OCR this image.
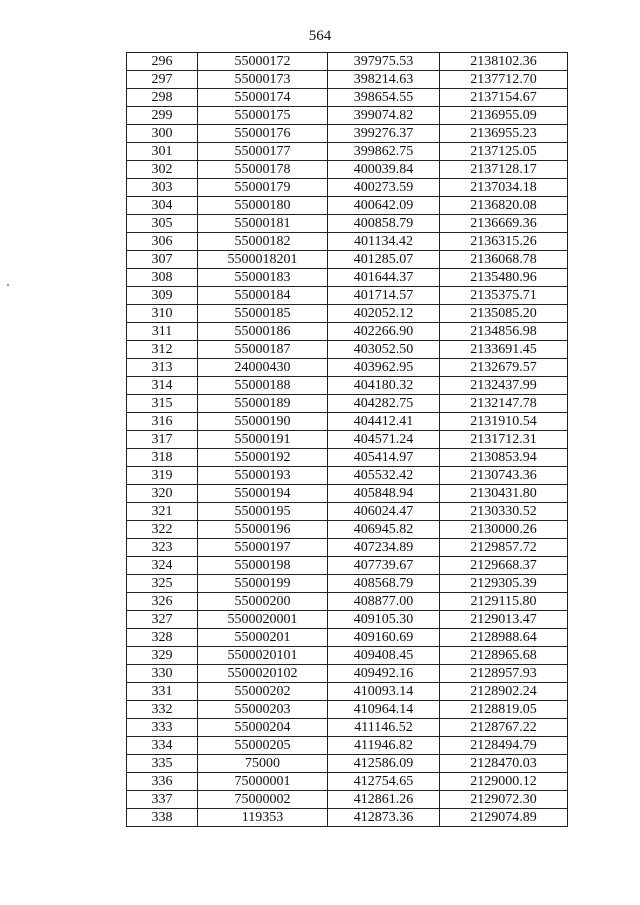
564
296	55000172	397975.53	2138102.36
297	55000173	398214.63	2137712.70
298	55000174	398654.55	2137154.67
299	55000175	399074.82	2136955.09
300	55000176	399276.37	2136955.23
301	55000177	399862.75	2137125.05
302	55000178	400039.84	2137128.17
303	55000179	400273.59	2137034.18
304	55000180	400642.09	2136820.08
305	55000181	400858.79	2136669.36
306	55000182	401134.42	2136315.26
307	5500018201	401285.07	2136068.78
308	55000183	401644.37	2135480.96
309	55000184	401714.57	2135375.71
310	55000185	402052.12	2135085.20
311	55000186	402266.90	2134856.98
312	55000187	403052.50	2133691.45
313	24000430	403962.95	2132679.57
314	55000188	404180.32	2132437.99
315	55000189	404282.75	2132147.78
316	55000190	404412.41	2131910.54
317	55000191	404571.24	2131712.31
318	55000192	405414.97	2130853.94
319	55000193	405532.42	2130743.36
320	55000194	405848.94	2130431.80
321	55000195	406024.47	2130330.52
322	55000196	406945.82	2130000.26
323	55000197	407234.89	2129857.72
324	55000198	407739.67	2129668.37
325	55000199	408568.79	2129305.39
326	55000200	408877.00	2129115.80
327	5500020001	409105.30	2129013.47
328	55000201	409160.69	2128988.64
329	5500020101	409408.45	2128965.68
330	5500020102	409492.16	2128957.93
331	55000202	410093.14	2128902.24
332	55000203	410964.14	2128819.05
333	55000204	411146.52	2128767.22
334	55000205	411946.82	2128494.79
335	75000	412586.09	2128470.03
336	75000001	412754.65	2129000.12
337	75000002	412861.26	2129072.30
338	119353	412873.36	2129074.89
